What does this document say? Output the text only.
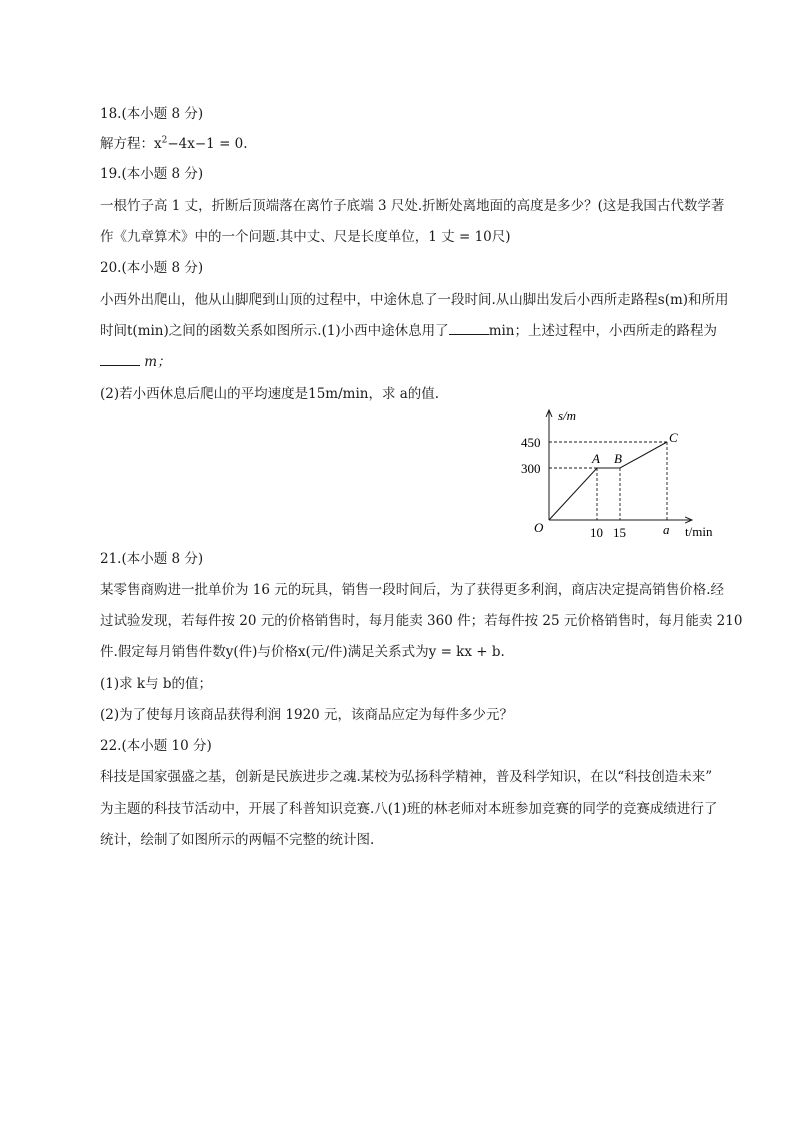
18.(本小题 8 分)
解方程：$x^2-4x-1 = 0$.
19.(本小题 8 分)
一根竹子高 1 丈，折断后顶端落在离竹子底端 3 尺处.折断处离地面的高度是多少？(这是我国古代数学著
作《九章算术》中的一个问题.其中丈、尺是长度单位，1 丈 = 10尺)
20.(本小题 8 分)
小西外出爬山，他从山脚爬到山顶的过程中，中途休息了一段时间.从山脚出发后小西所走路程s(m)和所用
时间t(min)之间的函数关系如图所示.(1)小西中途休息用了	min；上述过程中，小西所走的路程为
m；
(2)若小西休息后爬山的平均速度是15m/min，求 a的值.
s/m
t/min
O
450
300
10 15	a
A B
C
21.(本小题 8 分)
某零售商购进一批单价为 16 元的玩具，销售一段时间后，为了获得更多利润，商店决定提高销售价格.经
过试验发现，若每件按 20 元的价格销售时，每月能卖 360 件；若每件按 25 元价格销售时，每月能卖 210
件.假定每月销售件数y(件)与价格x(元/件)满足关系式为y = kx + b.
(1)求 k与 b的值；
(2)为了使每月该商品获得利润 1920 元，该商品应定为每件多少元？
22.(本小题 10 分)
科技是国家强盛之基，创新是民族进步之魂.某校为弘扬科学精神，普及科学知识，在以“科技创造未来”
为主题的科技节活动中，开展了科普知识竞赛.八(1)班的林老师对本班参加竞赛的同学的竞赛成绩进行了
统计，绘制了如图所示的两幅不完整的统计图.
